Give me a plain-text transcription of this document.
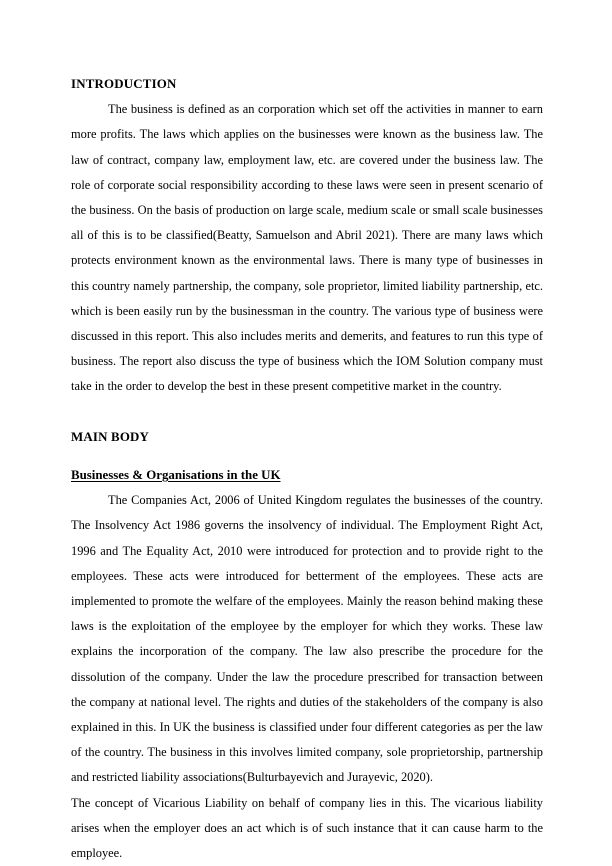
INTRODUCTION

The business is defined as an corporation which set off the activities in manner to earn more profits. The laws which applies on the businesses were known as the business law. The law of contract, company law, employment law, etc. are covered under the business law. The role of corporate social responsibility according to these laws were seen in present scenario of the business. On the basis of production on large scale, medium scale or small scale businesses all of this is to be classified(Beatty, Samuelson and Abril 2021). There are many laws which protects environment known as the environmental laws. There is many type of businesses in this country namely partnership, the company, sole proprietor, limited liability partnership, etc. which is been easily run by the businessman in the country. The various type of business were discussed in this report. This also includes merits and demerits, and features to run this type of business. The report also discuss the type of business which the IOM Solution company must take in the order to develop the best in these present competitive market in the country.

MAIN BODY
Businesses & Organisations in the UK

The Companies Act, 2006 of United Kingdom regulates the businesses of the country. The Insolvency Act 1986 governs the insolvency of individual. The Employment Right Act, 1996 and The Equality Act, 2010 were introduced for protection and to provide right to the employees. These acts were introduced for betterment of the employees. These acts are implemented to promote the welfare of the employees. Mainly the reason behind making these laws is the exploitation of the employee by the employer for which they works. These law explains the incorporation of the company. The law also prescribe the procedure for the dissolution of the company. Under the law the procedure prescribed for transaction between the company at national level. The rights and duties of the stakeholders of the company is also explained in this. In UK the business is classified under four different categories as per the law of the country. The business in this involves limited company, sole proprietorship, partnership and restricted liability associations(Bulturbayevich and Jurayevic, 2020).

The concept of Vicarious Liability on behalf of company lies in this. The vicarious liability arises when the employer does an act which is of such instance that it can cause harm to the employee.
